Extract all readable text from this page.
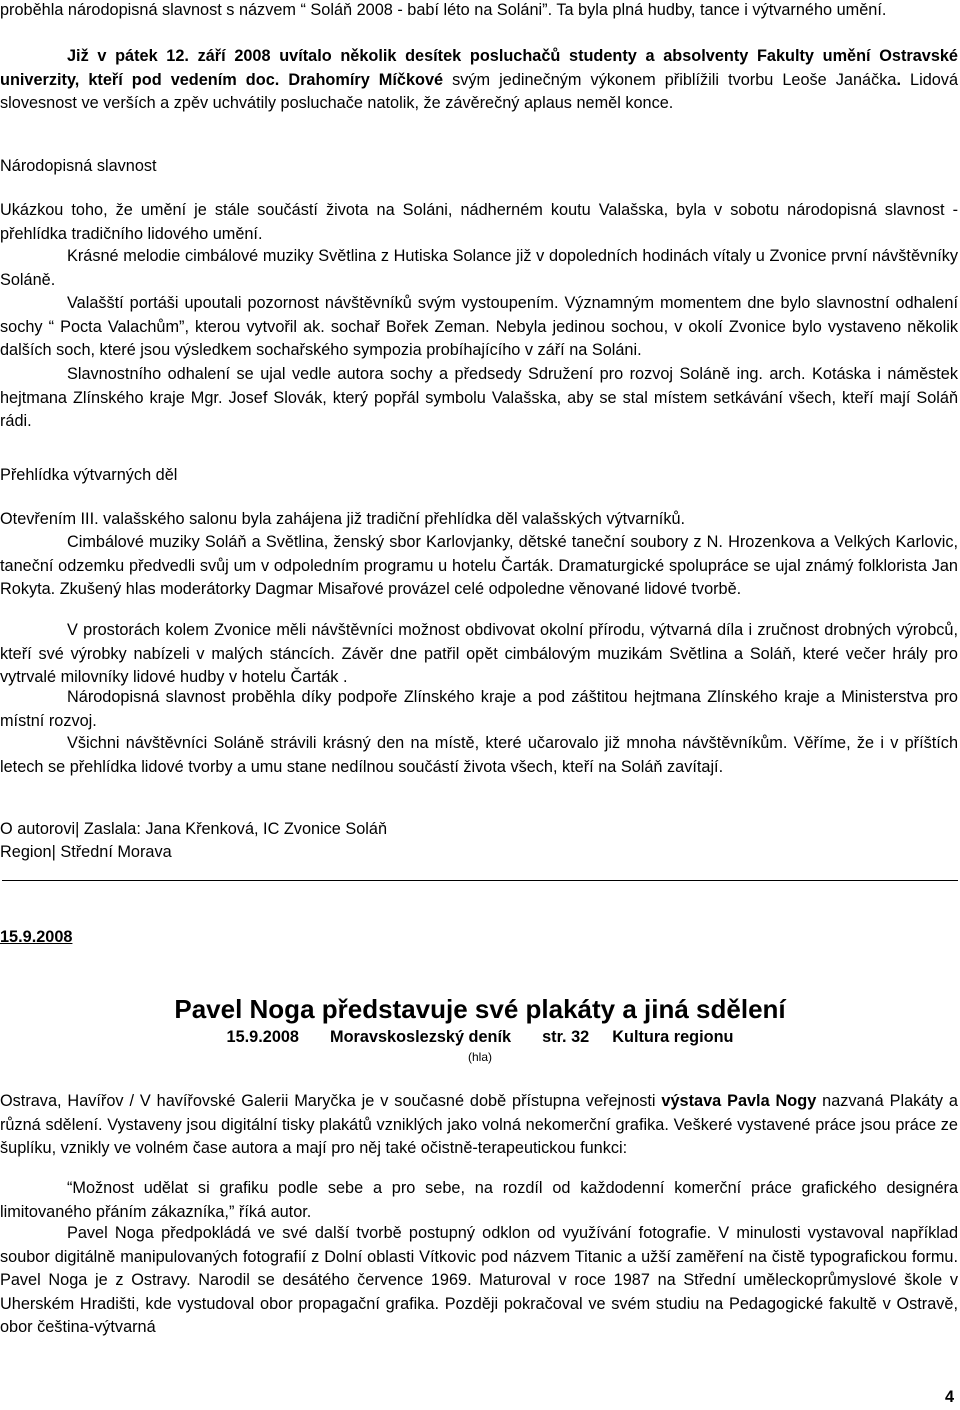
proběhla národopisná slavnost s názvem “ Soláň 2008 - babí léto na Soláni”. Ta byla plná hudby, tance i výtvarného umění.

Již v pátek 12. září 2008 uvítalo několik desítek posluchačů studenty a absolventy Fakulty umění Ostravské univerzity, kteří pod vedením doc. Drahomíry Míčkové svým jedinečným výkonem přiblížili tvorbu Leoše Janáčka. Lidová slovesnost ve verších a zpěv uchvátily posluchače natolik, že závěrečný aplaus neměl konce.

Národopisná slavnost

Ukázkou toho, že umění je stále součástí života na Soláni, nádherném koutu Valašska, byla v sobotu národopisná slavnost - přehlídka tradičního lidového umění.

Krásné melodie cimbálové muziky Světlina z Hutiska Solance již v dopoledních hodinách vítaly u Zvonice první návštěvníky Soláně.

Valašští portáši upoutali pozornost návštěvníků svým vystoupením. Významným momentem dne bylo slavnostní odhalení sochy “ Pocta Valachům”, kterou vytvořil ak. sochař Bořek Zeman. Nebyla jedinou sochou, v okolí Zvonice bylo vystaveno několik dalších soch, které jsou výsledkem sochařského sympozia probíhajícího v září na Soláni.

Slavnostního odhalení se ujal vedle autora sochy a předsedy Sdružení pro rozvoj Soláně ing. arch. Kotáska i náměstek hejtmana Zlínského kraje Mgr. Josef Slovák, který popřál symbolu Valašska, aby se stal místem setkávání všech, kteří mají Soláň rádi.

Přehlídka výtvarných děl

Otevřením III. valašského salonu byla zahájena již tradiční přehlídka děl valašských výtvarníků.

Cimbálové muziky Soláň a Světlina, ženský sbor Karlovjanky, dětské taneční soubory z N. Hrozenkova a Velkých Karlovic, taneční odzemku předvedli svůj um v odpoledním programu u hotelu Čarták. Dramaturgické spolupráce se ujal známý folklorista Jan Rokyta. Zkušený hlas moderátorky Dagmar Misařové provázel celé odpoledne věnované lidové tvorbě.

V prostorách kolem Zvonice měli návštěvníci možnost obdivovat okolní přírodu, výtvarná díla i zručnost drobných výrobců, kteří své výrobky nabízeli v malých stáncích. Závěr dne patřil opět cimbálovým muzikám Světlina a Soláň, které večer hrály pro vytrvalé milovníky lidové hudby v hotelu Čarták .

Národopisná slavnost proběhla díky podpoře Zlínského kraje a pod záštitou hejtmana Zlínského kraje a Ministerstva pro místní rozvoj.

Všichni návštěvníci Soláně strávili krásný den na místě, které učarovalo již mnoha návštěvníkům. Věříme, že i v příštích letech se přehlídka lidové tvorby a umu stane nedílnou součástí života všech, kteří na Soláň zavítají.

O autorovi| Zaslala: Jana Křenková, IC Zvonice Soláň

Region| Střední Morava

15.9.2008
Pavel Noga představuje své plakáty a jiná sdělení
15.9.2008 Moravskoslezský deník str. 32 Kultura regionu
(hla)

Ostrava, Havířov / V havířovské Galerii Maryčka je v současné době přístupna veřejnosti výstava Pavla Nogy nazvaná Plakáty a různá sdělení. Vystaveny jsou digitální tisky plakátů vzniklých jako volná nekomerční grafika. Veškeré vystavené práce jsou práce ze šuplíku, vznikly ve volném čase autora a mají pro něj také očistně-terapeutickou funkci:

“Možnost udělat si grafiku podle sebe a pro sebe, na rozdíl od každodenní komerční práce grafického designéra limitovaného přáním zákazníka,” říká autor.

Pavel Noga předpokládá ve své další tvorbě postupný odklon od využívání fotografie. V minulosti vystavoval například soubor digitálně manipulovaných fotografií z Dolní oblasti Vítkovic pod názvem Titanic a užší zaměření na čistě typografickou formu. Pavel Noga je z Ostravy. Narodil se desátého července 1969. Maturoval v roce 1987 na Střední uměleckoprůmyslové škole v Uherském Hradišti, kde vystudoval obor propagační grafika. Později pokračoval ve svém studiu na Pedagogické fakultě v Ostravě, obor čeština-výtvarná

4
